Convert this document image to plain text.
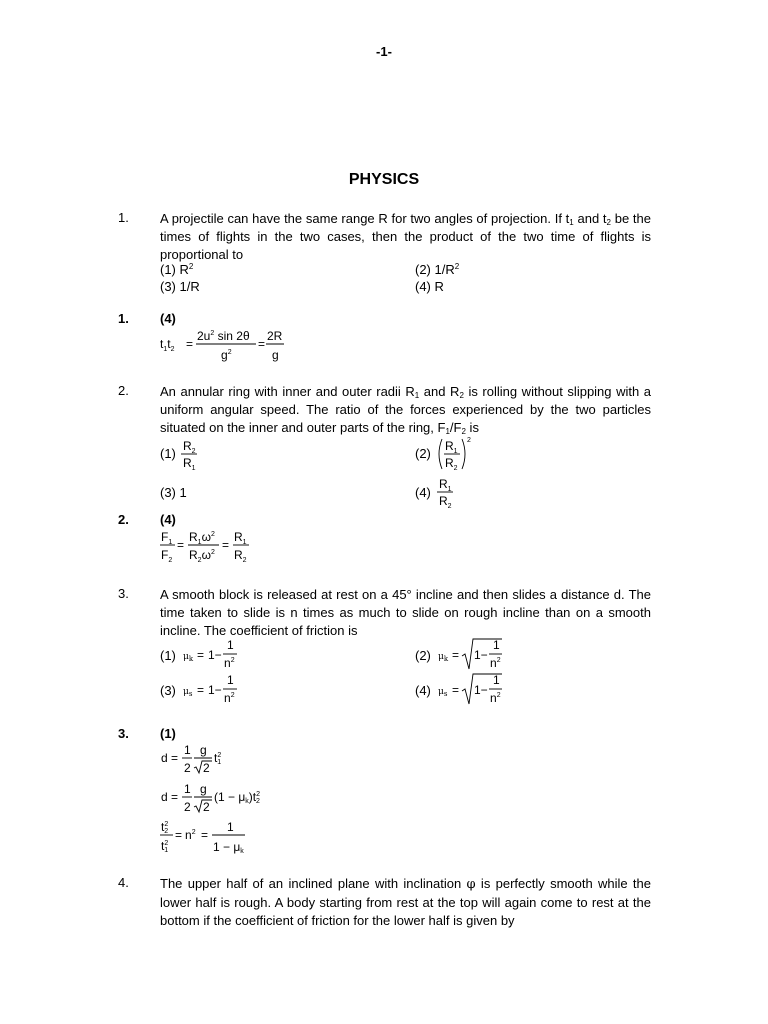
-1-
PHYSICS
1. A projectile can have the same range R for two angles of projection. If $t_1$ and $t_2$ be the times of flights in the two cases, then the product of the two time of flights is proportional to
(1) $R^2$	(2) $1/R^2$
(3) 1/R	(4) R
1. (4)
$t_1t_2$ =
$2u^2$ sin 2θ
$g^2$
=
2R
g
2. An annular ring with inner and outer radii $R_1$ and $R_2$ is rolling without slipping with a uniform angular speed. The ratio of the forces experienced by the two particles situated on the inner and outer parts of the ring, $F_1/F_2$ is
(1) $R_2$
$R_1$
(2) $R_1$
$R_2$
2
(3) 1	(4)
$R_1$
$R_2$
2. (4)
$F_1$
$F_2$
=
$R_1\omega^2$
$R_2\omega^2$
=
$R_1$
$R_2$
3. A smooth block is released at rest on a 45° incline and then slides a distance d. The time taken to slide is n times as much to slide on rough incline than on a smooth incline. The coefficient of friction is
(1) $\mu_k = 1-$
1
$n^2$	(2) $\mu_k = 1-$
1
$n^2$
(3) $\mu_s = 1-$
1
$n^2$	(4) $\mu_s = 1-$
1
$n^2$
3. (1)
d =
1
2
g
2
$t^2$ 1
d =
1
2
g
2
$(1 - \mu k)t^2$ 2
$t^2$ 2
$t^2$ 1
= $n^2$ =
1
1 − μk
4. The upper half of an inclined plane with inclination φ is perfectly smooth while the lower half is rough. A body starting from rest at the top will again come to rest at the bottom if the coefficient of friction for the lower half is given by
